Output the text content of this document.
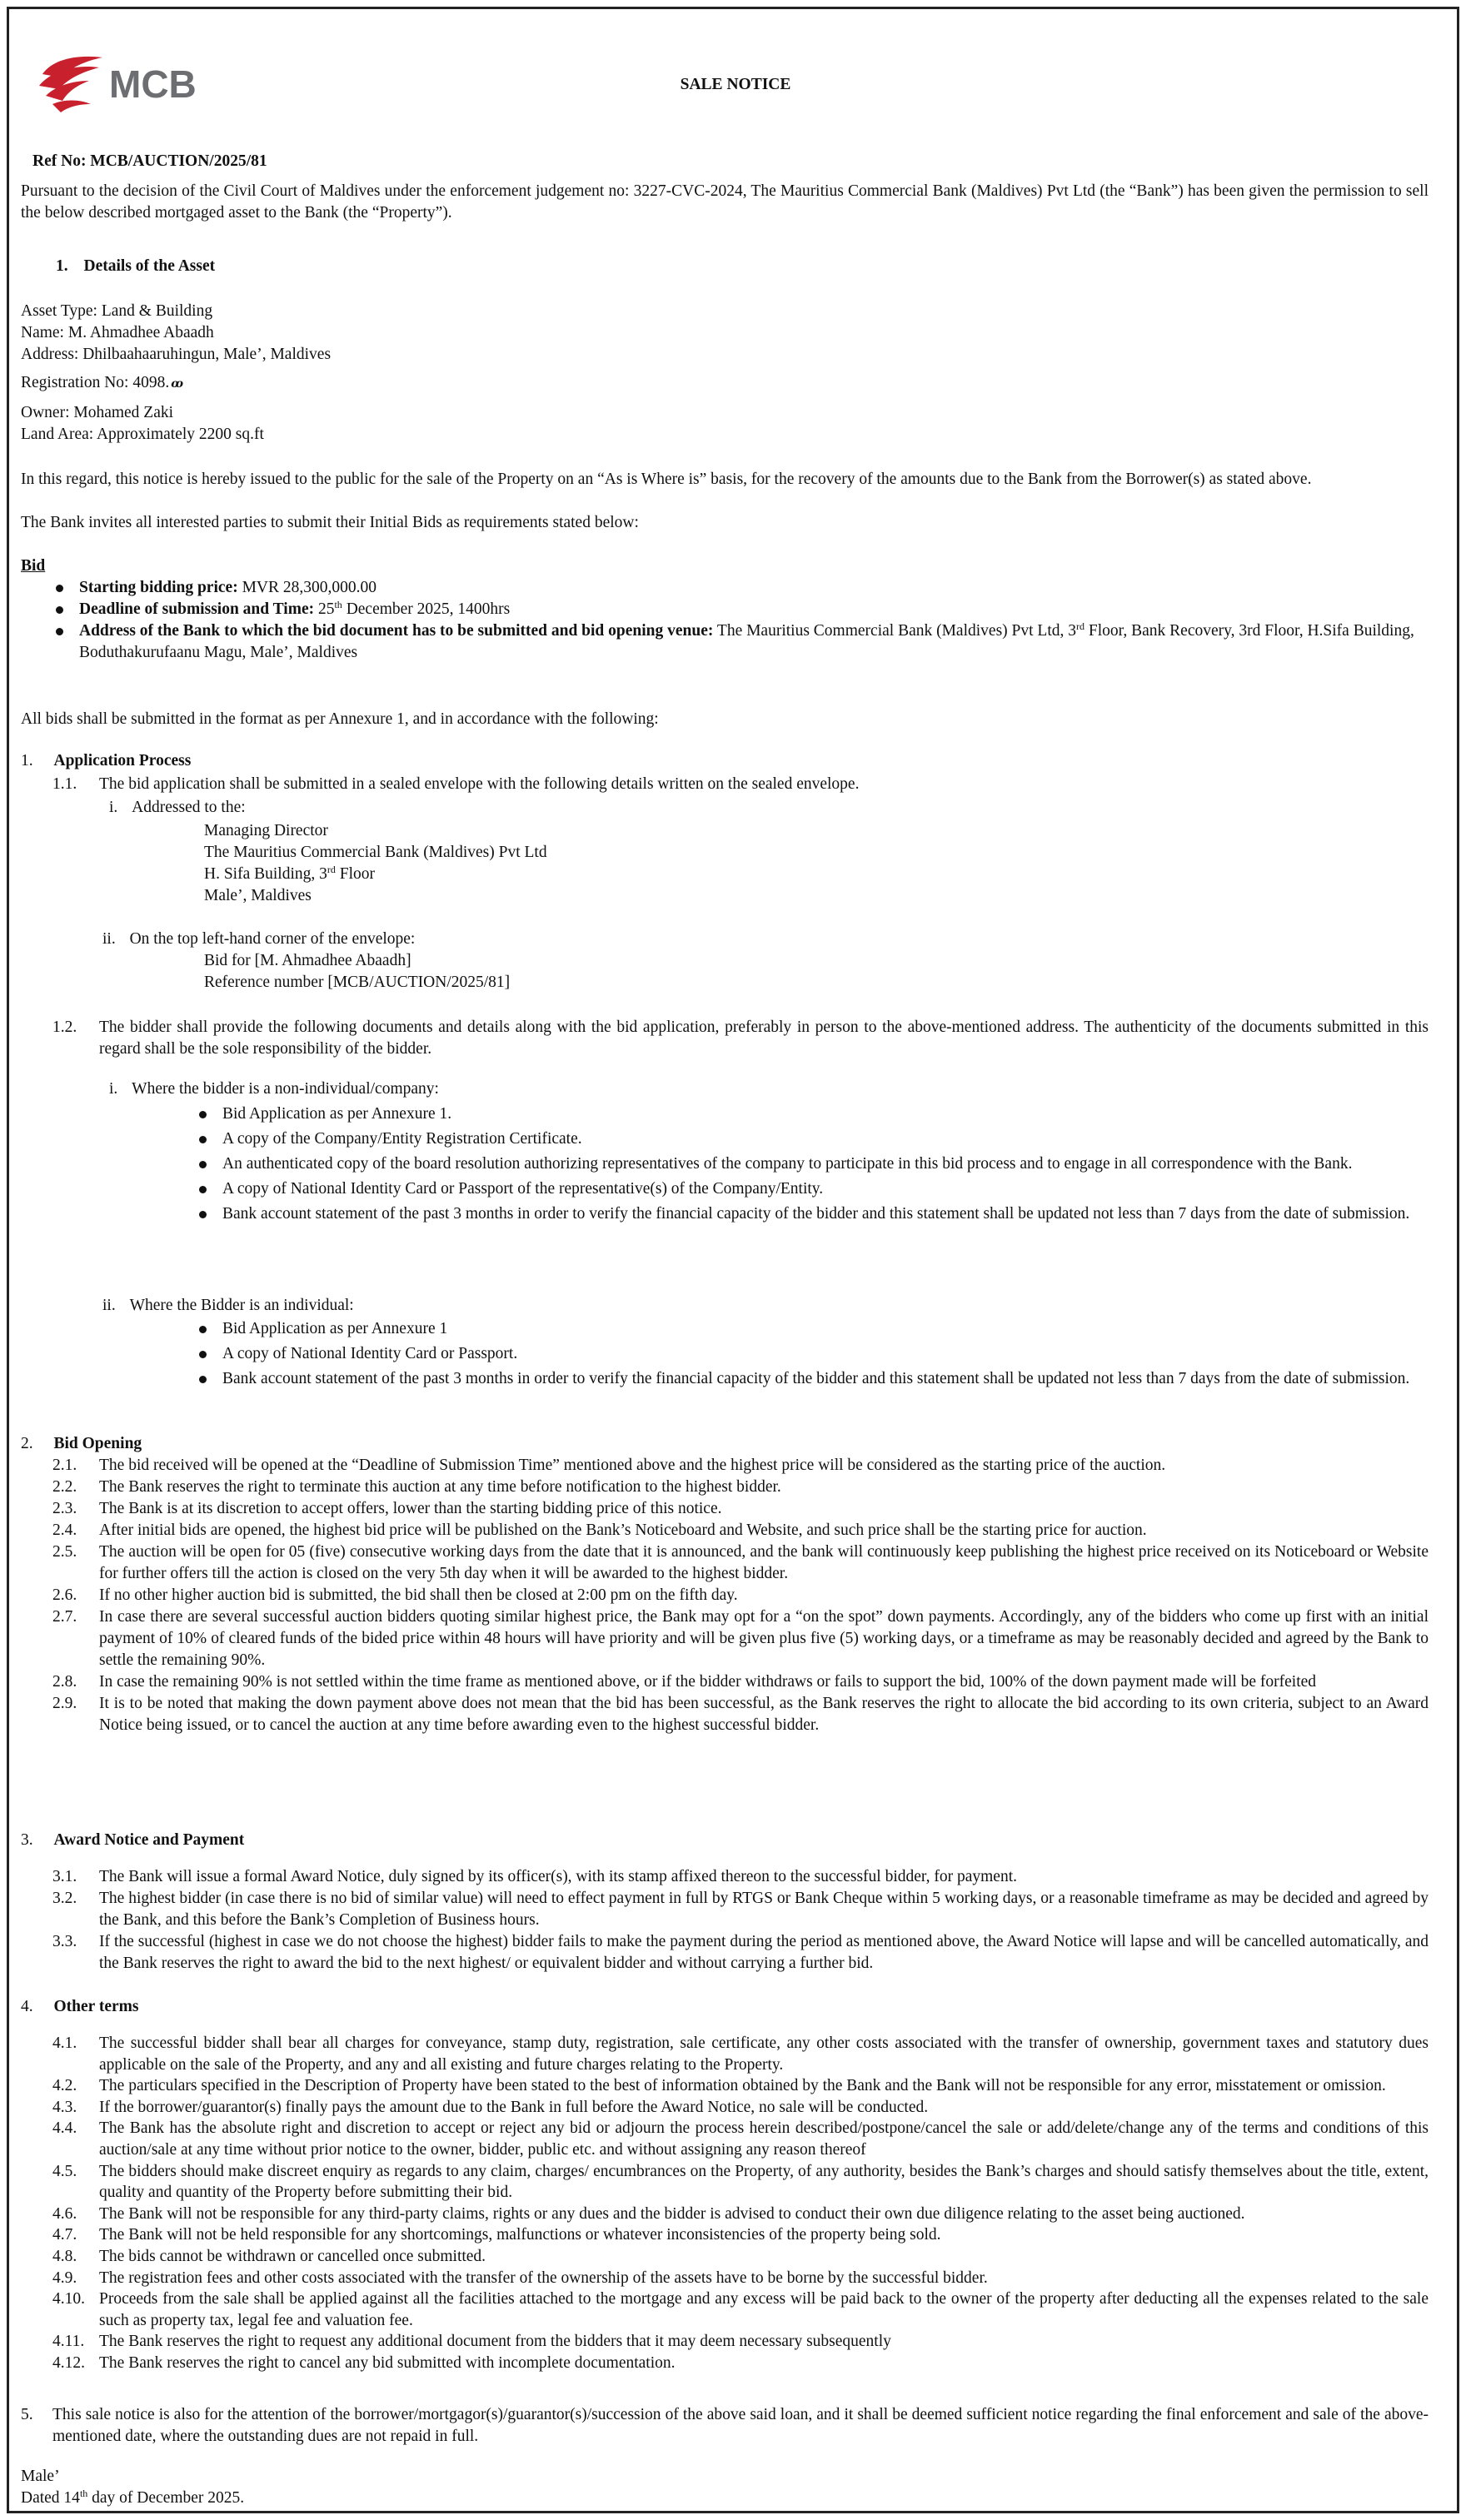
MCB	SALE NOTICE
Ref No: MCB/AUCTION/2025/81
Pursuant to the decision of the Civil Court of Maldives under the enforcement judgement no: 3227-CVC-2024, The Mauritius Commercial Bank (Maldives) Pvt Ltd (the “Bank”) has been given the permission to sell the below described mortgaged asset to the Bank (the “Property”).
1. Details of the Asset
Asset Type: Land & Building
Name: M. Ahmadhee Abaadh
Address: Dhilbaahaaruhingun, Male’, Maldives
Registration No: 4098. ꝏ
Owner: Mohamed Zaki
Land Area: Approximately 2200 sq.ft
In this regard, this notice is hereby issued to the public for the sale of the Property on an “As is Where is” basis, for the recovery of the amounts due to the Bank from the Borrower(s) as stated above.
The Bank invites all interested parties to submit their Initial Bids as requirements stated below:
Bid
Starting bidding price: MVR 28,300,000.00
Deadline of submission and Time: 25th December 2025, 1400hrs
Address of the Bank to which the bid document has to be submitted and bid opening venue: The Mauritius Commercial Bank (Maldives) Pvt Ltd, 3rd Floor, Bank Recovery, 3rd Floor, H.Sifa Building, Boduthakurufaanu Magu, Male’, Maldives
All bids shall be submitted in the format as per Annexure 1, and in accordance with the following:
1. Application Process
1.1.	The bid application shall be submitted in a sealed envelope with the following details written on the sealed envelope.
i. Addressed to the:
Managing Director
The Mauritius Commercial Bank (Maldives) Pvt Ltd
H. Sifa Building, 3rd Floor
Male’, Maldives
ii. On the top left-hand corner of the envelope:
Bid for [M. Ahmadhee Abaadh]
Reference number [MCB/AUCTION/2025/81]
1.2.	The bidder shall provide the following documents and details along with the bid application, preferably in person to the above-mentioned address. The authenticity of the documents submitted in this regard shall be the sole responsibility of the bidder.
i. Where the bidder is a non-individual/company:
Bid Application as per Annexure 1.
A copy of the Company/Entity Registration Certificate.
An authenticated copy of the board resolution authorizing representatives of the company to participate in this bid process and to engage in all correspondence with the Bank.
A copy of National Identity Card or Passport of the representative(s) of the Company/Entity.
Bank account statement of the past 3 months in order to verify the financial capacity of the bidder and this statement shall be updated not less than 7 days from the date of submission.
ii. Where the Bidder is an individual:
Bid Application as per Annexure 1
A copy of National Identity Card or Passport.
Bank account statement of the past 3 months in order to verify the financial capacity of the bidder and this statement shall be updated not less than 7 days from the date of submission.
2. Bid Opening
2.1.	The bid received will be opened at the “Deadline of Submission Time” mentioned above and the highest price will be considered as the starting price of the auction.
2.2.	The Bank reserves the right to terminate this auction at any time before notification to the highest bidder.
2.3.	The Bank is at its discretion to accept offers, lower than the starting bidding price of this notice.
2.4.	After initial bids are opened, the highest bid price will be published on the Bank’s Noticeboard and Website, and such price shall be the starting price for auction.
2.5.	The auction will be open for 05 (five) consecutive working days from the date that it is announced, and the bank will continuously keep publishing the highest price received on its Noticeboard or Website for further offers till the action is closed on the very 5th day when it will be awarded to the highest bidder.
2.6.	If no other higher auction bid is submitted, the bid shall then be closed at 2:00 pm on the fifth day.
2.7.	In case there are several successful auction bidders quoting similar highest price, the Bank may opt for a “on the spot” down payments. Accordingly, any of the bidders who come up first with an initial payment of 10% of cleared funds of the bided price within 48 hours will have priority and will be given plus five (5) working days, or a timeframe as may be reasonably decided and agreed by the Bank to settle the remaining 90%.
2.8.	In case the remaining 90% is not settled within the time frame as mentioned above, or if the bidder withdraws or fails to support the bid, 100% of the down payment made will be forfeited
2.9.	It is to be noted that making the down payment above does not mean that the bid has been successful, as the Bank reserves the right to allocate the bid according to its own criteria, subject to an Award Notice being issued, or to cancel the auction at any time before awarding even to the highest successful bidder.
3. Award Notice and Payment
3.1.	The Bank will issue a formal Award Notice, duly signed by its officer(s), with its stamp affixed thereon to the successful bidder, for payment.
3.2.	The highest bidder (in case there is no bid of similar value) will need to effect payment in full by RTGS or Bank Cheque within 5 working days, or a reasonable timeframe as may be decided and agreed by the Bank, and this before the Bank’s Completion of Business hours.
3.3.	If the successful (highest in case we do not choose the highest) bidder fails to make the payment during the period as mentioned above, the Award Notice will lapse and will be cancelled automatically, and the Bank reserves the right to award the bid to the next highest/ or equivalent bidder and without carrying a further bid.
4. Other terms
4.1.	The successful bidder shall bear all charges for conveyance, stamp duty, registration, sale certificate, any other costs associated with the transfer of ownership, government taxes and statutory dues applicable on the sale of the Property, and any and all existing and future charges relating to the Property.
4.2.	The particulars specified in the Description of Property have been stated to the best of information obtained by the Bank and the Bank will not be responsible for any error, misstatement or omission.
4.3.	If the borrower/guarantor(s) finally pays the amount due to the Bank in full before the Award Notice, no sale will be conducted.
4.4.	The Bank has the absolute right and discretion to accept or reject any bid or adjourn the process herein described/postpone/cancel the sale or add/delete/change any of the terms and conditions of this auction/sale at any time without prior notice to the owner, bidder, public etc. and without assigning any reason thereof
4.5.	The bidders should make discreet enquiry as regards to any claim, charges/ encumbrances on the Property, of any authority, besides the Bank’s charges and should satisfy themselves about the title, extent, quality and quantity of the Property before submitting their bid.
4.6.	The Bank will not be responsible for any third-party claims, rights or any dues and the bidder is advised to conduct their own due diligence relating to the asset being auctioned.
4.7.	The Bank will not be held responsible for any shortcomings, malfunctions or whatever inconsistencies of the property being sold.
4.8.	The bids cannot be withdrawn or cancelled once submitted.
4.9.	The registration fees and other costs associated with the transfer of the ownership of the assets have to be borne by the successful bidder.
4.10. Proceeds from the sale shall be applied against all the facilities attached to the mortgage and any excess will be paid back to the owner of the property after deducting all the expenses related to the sale such as property tax, legal fee and valuation fee.
4.11. The Bank reserves the right to request any additional document from the bidders that it may deem necessary subsequently
4.12. The Bank reserves the right to cancel any bid submitted with incomplete documentation.
5.	This sale notice is also for the attention of the borrower/mortgagor(s)/guarantor(s)/succession of the above said loan, and it shall be deemed sufficient notice regarding the final enforcement and sale of the above-mentioned date, where the outstanding dues are not repaid in full.
Male’
Dated 14th day of December 2025.
